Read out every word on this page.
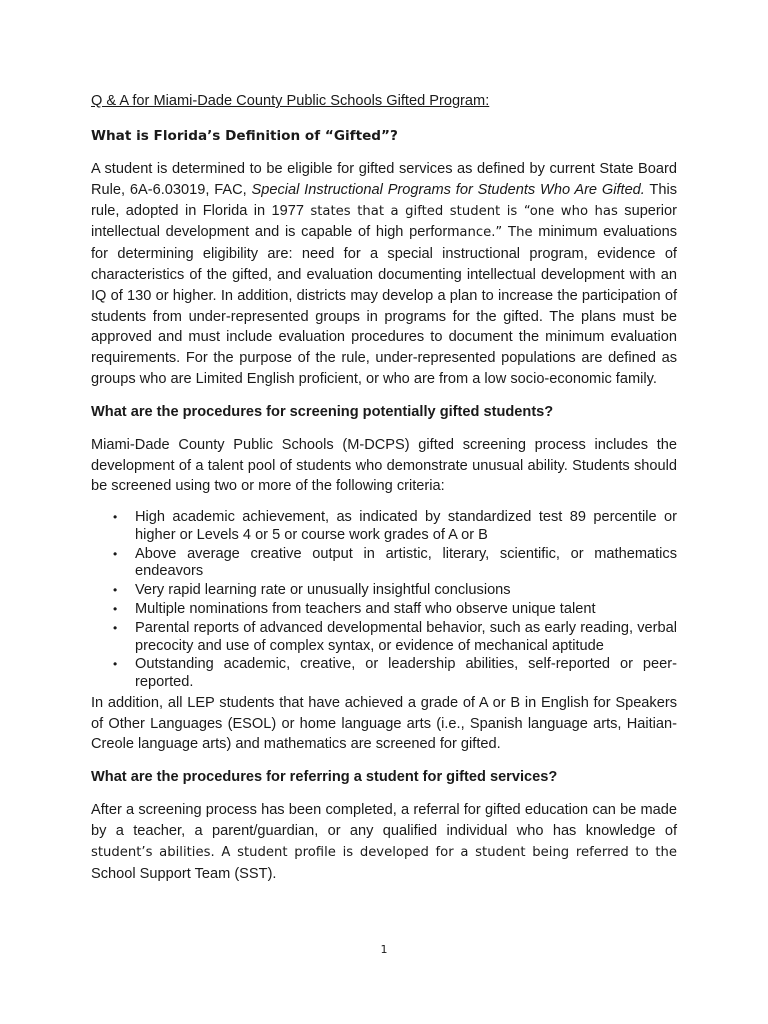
Q & A for Miami-Dade County Public Schools Gifted Program:

What is Florida’s Definition of “Gifted”?

A student is determined to be eligible for gifted services as defined by current State Board Rule, 6A-6.03019, FAC, Special Instructional Programs for Students Who Are Gifted. This rule, adopted in Florida in 1977 states that a gifted student is “one who has superior intellectual development and is capable of high performance.” The minimum evaluations for determining eligibility are: need for a special instructional program, evidence of characteristics of the gifted, and evaluation documenting intellectual development with an IQ of 130 or higher. In addition, districts may develop a plan to increase the participation of students from under-represented groups in programs for the gifted. The plans must be approved and must include evaluation procedures to document the minimum evaluation requirements. For the purpose of the rule, under-represented populations are defined as groups who are Limited English proficient, or who are from a low socio-economic family.

What are the procedures for screening potentially gifted students?

Miami-Dade County Public Schools (M-DCPS) gifted screening process includes the development of a talent pool of students who demonstrate unusual ability. Students should be screened using two or more of the following criteria:

• High academic achievement, as indicated by standardized test 89 percentile or higher or Levels 4 or 5 or course work grades of A or B
• Above average creative output in artistic, literary, scientific, or mathematics endeavors
• Very rapid learning rate or unusually insightful conclusions
• Multiple nominations from teachers and staff who observe unique talent
• Parental reports of advanced developmental behavior, such as early reading, verbal precocity and use of complex syntax, or evidence of mechanical aptitude
• Outstanding academic, creative, or leadership abilities, self-reported or peer-reported.

In addition, all LEP students that have achieved a grade of A or B in English for Speakers of Other Languages (ESOL) or home language arts (i.e., Spanish language arts, Haitian-Creole language arts) and mathematics are screened for gifted.

What are the procedures for referring a student for gifted services?

After a screening process has been completed, a referral for gifted education can be made by a teacher, a parent/guardian, or any qualified individual who has knowledge of student’s abilities. A student profile is developed for a student being referred to the School Support Team (SST).

1
